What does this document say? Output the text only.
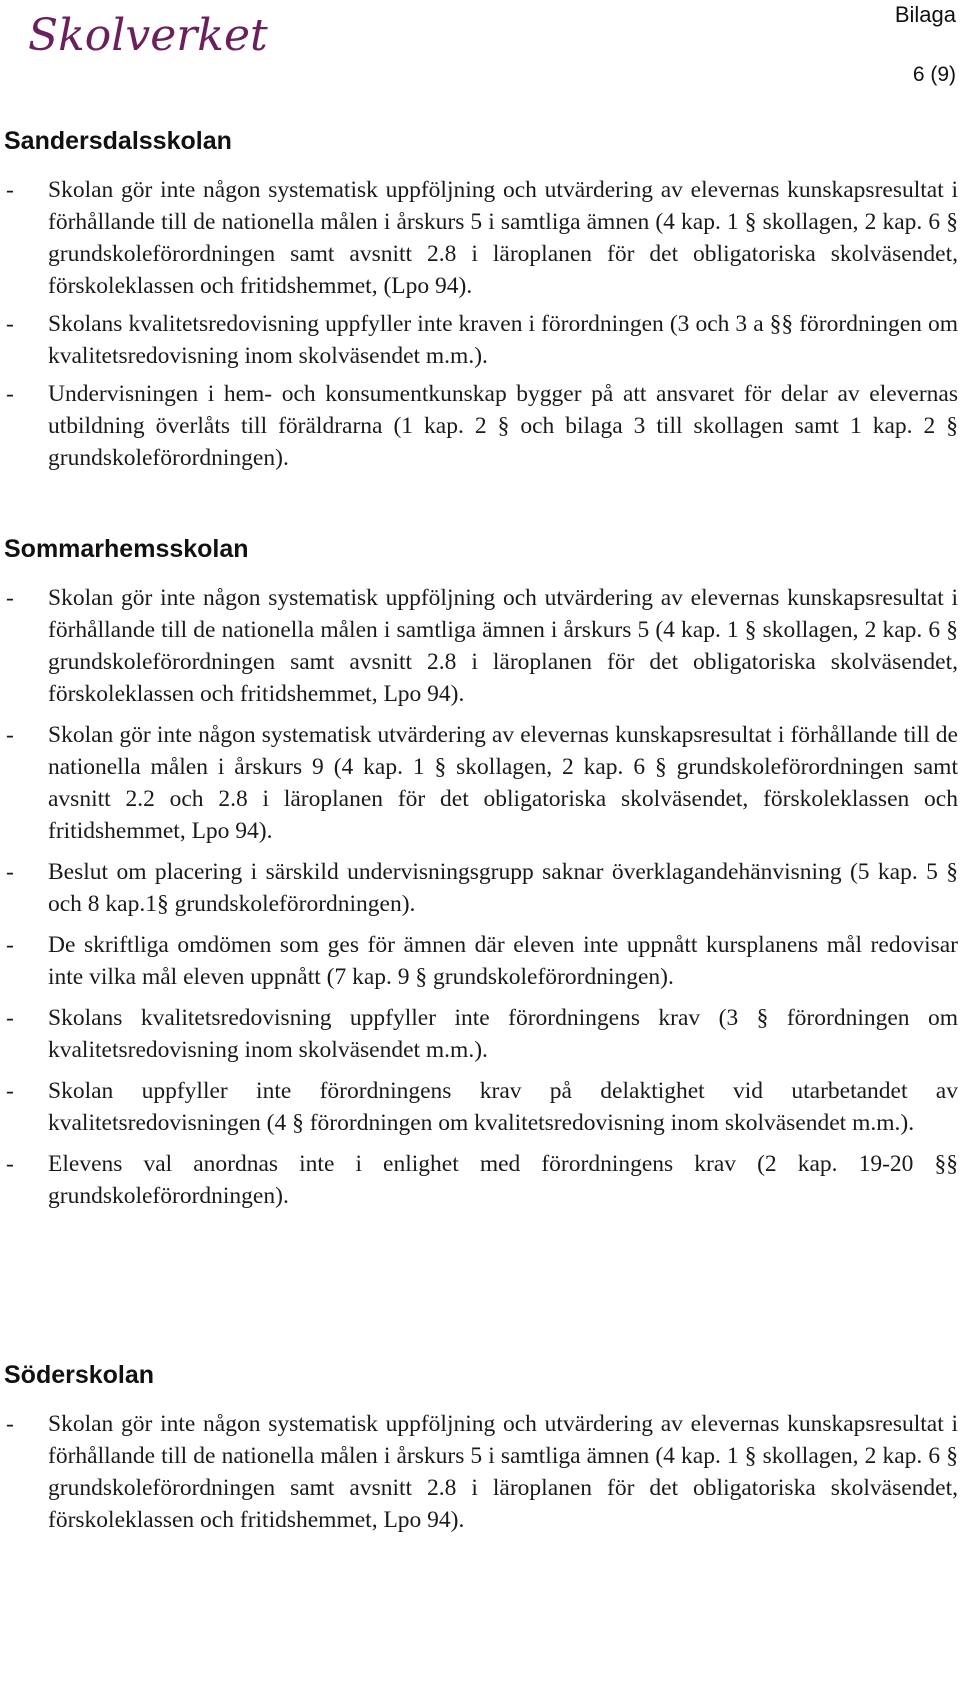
Skolverket	Bilaga
6 (9)
Sandersdalsskolan
- Skolan gör inte någon systematisk uppföljning och utvärdering av elevernas kunskapsresultat i förhållande till de nationella målen i årskurs 5 i samtliga ämnen (4 kap. 1 § skollagen, 2 kap. 6 § grundskoleförordningen samt avsnitt 2.8 i läroplanen för det obligatoriska skolväsendet, förskoleklassen och fritidshemmet, (Lpo 94).
- Skolans kvalitetsredovisning uppfyller inte kraven i förordningen (3 och 3 a §§ förordningen om kvalitetsredovisning inom skolväsendet m.m.).
- Undervisningen i hem- och konsumentkunskap bygger på att ansvaret för delar av elevernas utbildning överlåts till föräldrarna (1 kap. 2 § och bilaga 3 till skollagen samt 1 kap. 2 § grundskoleförordningen).
Sommarhemsskolan
- Skolan gör inte någon systematisk uppföljning och utvärdering av elevernas kunskapsresultat i förhållande till de nationella målen i samtliga ämnen i årskurs 5 (4 kap. 1 § skollagen, 2 kap. 6 § grundskoleförordningen samt avsnitt 2.8 i läroplanen för det obligatoriska skolväsendet, förskoleklassen och fritidshemmet, Lpo 94).
- Skolan gör inte någon systematisk utvärdering av elevernas kunskapsresultat i förhållande till de nationella målen i årskurs 9 (4 kap. 1 § skollagen, 2 kap. 6 § grundskoleförordningen samt avsnitt 2.2 och 2.8 i läroplanen för det obligatoriska skolväsendet, förskoleklassen och fritidshemmet, Lpo 94).
- Beslut om placering i särskild undervisningsgrupp saknar överklagandehänvisning (5 kap. 5 § och 8 kap.1§ grundskoleförordningen).
- De skriftliga omdömen som ges för ämnen där eleven inte uppnått kursplanens mål redovisar inte vilka mål eleven uppnått (7 kap. 9 § grundskoleförordningen).
- Skolans kvalitetsredovisning uppfyller inte förordningens krav (3 § förordningen om kvalitetsredovisning inom skolväsendet m.m.).
- Skolan uppfyller inte förordningens krav på delaktighet vid utarbetandet av kvalitetsredovisningen (4 § förordningen om kvalitetsredovisning inom skolväsendet m.m.).
- Elevens val anordnas inte i enlighet med förordningens krav (2 kap. 19-20 §§ grundskoleförordningen).
Söderskolan
- Skolan gör inte någon systematisk uppföljning och utvärdering av elevernas kunskapsresultat i förhållande till de nationella målen i årskurs 5 i samtliga ämnen (4 kap. 1 § skollagen, 2 kap. 6 § grundskoleförordningen samt avsnitt 2.8 i läroplanen för det obligatoriska skolväsendet, förskoleklassen och fritidshemmet, Lpo 94).
